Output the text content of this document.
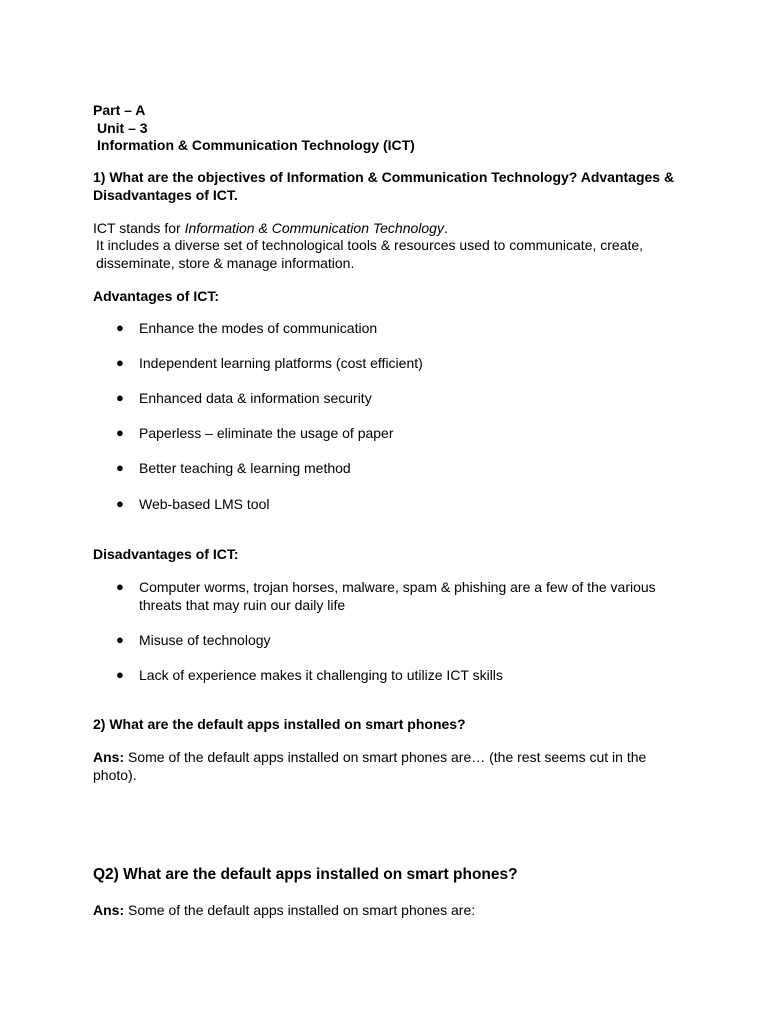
Part – A
Unit – 3
Information & Communication Technology (ICT)
1) What are the objectives of Information & Communication Technology? Advantages & Disadvantages of ICT.
ICT stands for Information & Communication Technology.
It includes a diverse set of technological tools & resources used to communicate, create, disseminate, store & manage information.
Advantages of ICT:
● Enhance the modes of communication
● Independent learning platforms (cost efficient)
● Enhanced data & information security
● Paperless – eliminate the usage of paper
● Better teaching & learning method
● Web-based LMS tool
Disadvantages of ICT:
● Computer worms, trojan horses, malware, spam & phishing are a few of the various threats that may ruin our daily life
● Misuse of technology
● Lack of experience makes it challenging to utilize ICT skills
2) What are the default apps installed on smart phones?
Ans: Some of the default apps installed on smart phones are… (the rest seems cut in the photo).
Q2) What are the default apps installed on smart phones?
Ans: Some of the default apps installed on smart phones are:
